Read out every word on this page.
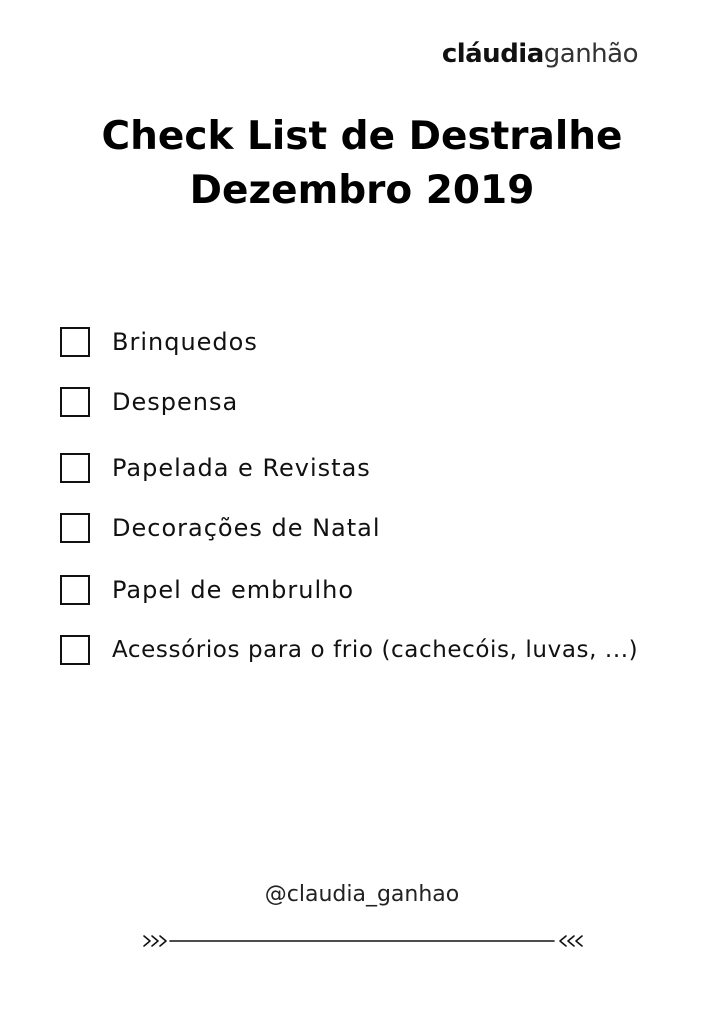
cláudiaganhão
Check List de Destralhe
Dezembro 2019
Brinquedos
Despensa
Papelada e Revistas
Decorações de Natal
Papel de embrulho
Acessórios para o frio (cachecóis, luvas, ...)
@claudia_ganhao
